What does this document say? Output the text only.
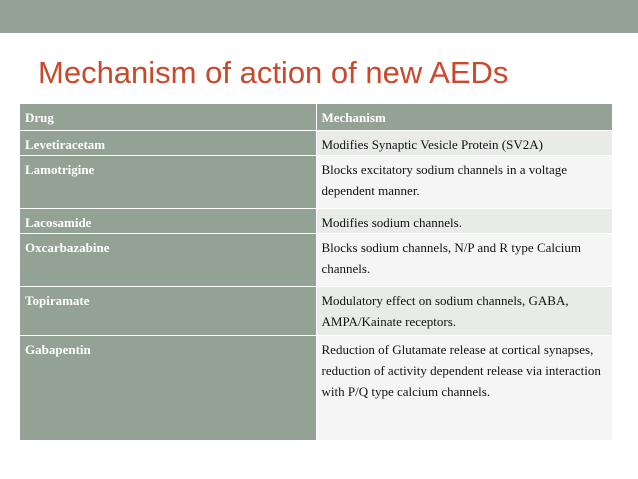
Mechanism of action of new AEDs
Drug	Mechanism
Levetiracetam	Modifies Synaptic Vesicle Protein (SV2A)
Lamotrigine	Blocks excitatory sodium channels in a voltage dependent manner.
Lacosamide	Modifies sodium channels.
Oxcarbazabine	Blocks sodium channels, N/P and R type Calcium channels.
Topiramate	Modulatory effect on sodium channels, GABA, AMPA/Kainate receptors.
Gabapentin	Reduction of Glutamate release at cortical synapses, reduction of activity dependent release via interaction with P/Q type calcium channels.
